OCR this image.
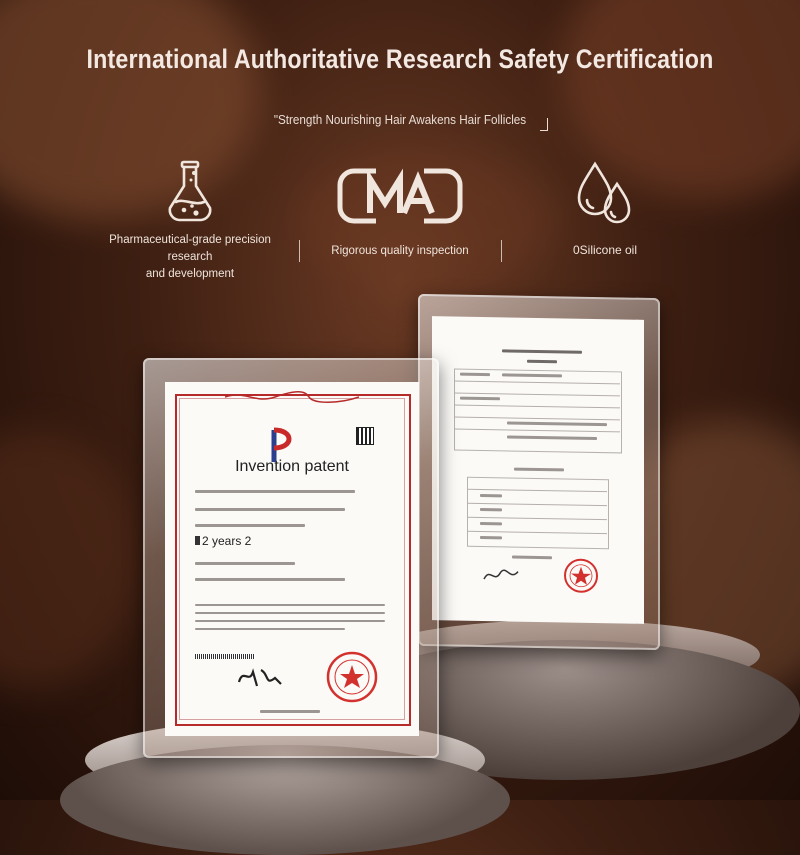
International Authoritative Research Safety Certification
"Strength Nourishing Hair Awakens Hair Follicles
Pharmaceutical-grade precision research
and development
Rigorous quality inspection	0Silicone oil
Invention patent
2 years 2
